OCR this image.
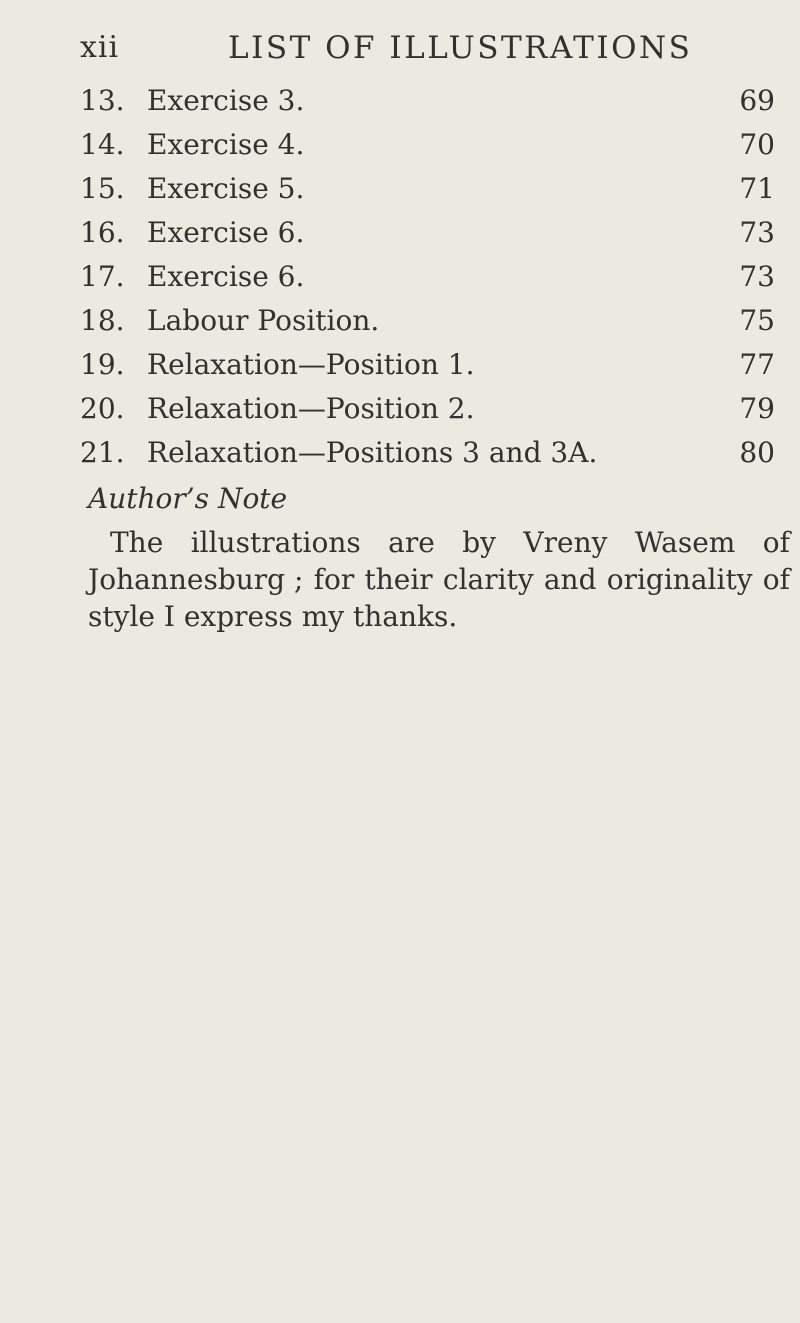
xii	LIST OF ILLUSTRATIONS
13. Exercise 3.	69
14. Exercise 4.	70
15. Exercise 5.	71
16. Exercise 6.	73
17. Exercise 6.	73
18. Labour Position.	75
19. Relaxation—Position 1.	77
20. Relaxation—Position 2.	79
21. Relaxation—Positions 3 and 3A.	80

Author’s Note

The illustrations are by Vreny Wasem of
Johannesburg ; for their clarity and originality of
style I express my thanks.
